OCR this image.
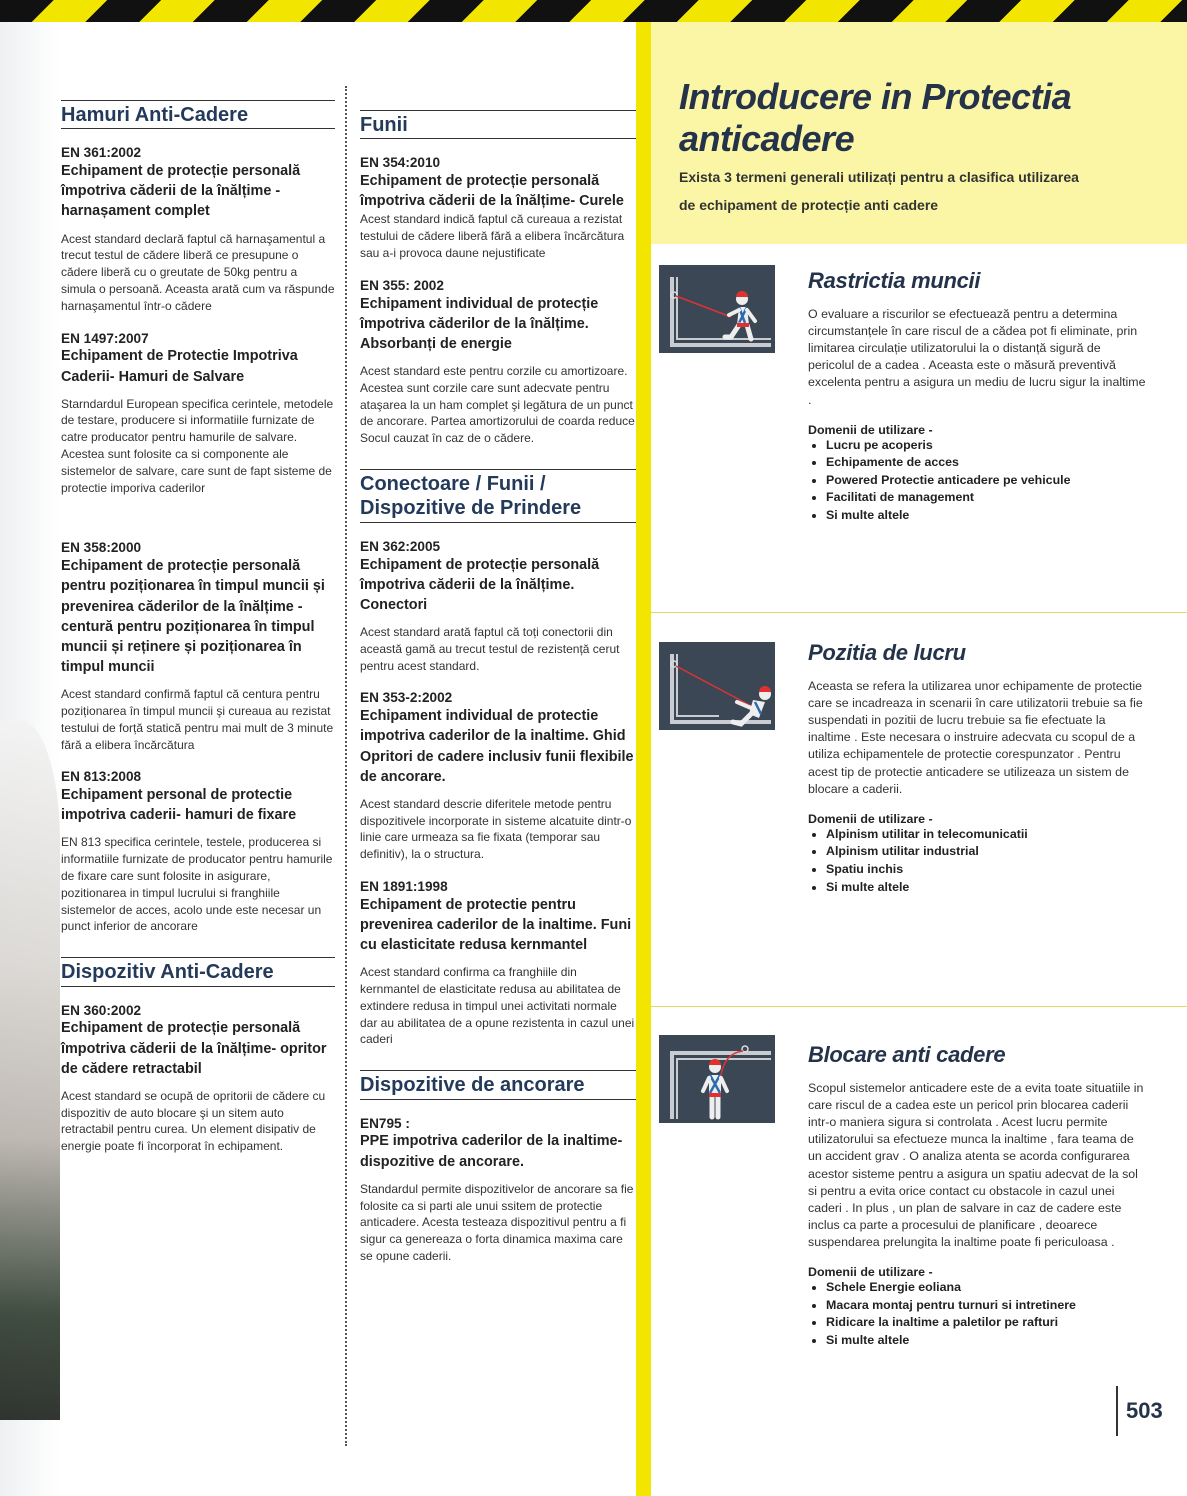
Hamuri Anti-Cadere
EN 361:2002
Echipament de protecție personală împotriva căderii de la înălțime - harnașament complet

Acest standard declară faptul că harnaşamentul a trecut testul de cădere liberă ce presupune o cădere liberă cu o greutate de 50kg pentru a simula o persoană. Aceasta arată cum va răspunde harnaşamentul într-o cădere

EN 1497:2007
Echipament de Protectie Impotriva Caderii- Hamuri de Salvare

Starndardul European specifica cerintele, metodele de testare, producere si informatiile furnizate de catre producator pentru hamurile de salvare. Acestea sunt folosite ca si componente ale sistemelor de salvare, care sunt de fapt sisteme de protectie imporiva caderilor

EN 358:2000
Echipament de protecție personală pentru poziționarea în timpul muncii și prevenirea căderilor de la înălțime - centură pentru poziționarea în timpul muncii și reținere și poziționarea în timpul muncii

Acest standard confirmă faptul că centura pentru poziționarea în timpul muncii şi cureaua au rezistat testului de forță statică pentru mai mult de 3 minute fără a elibera încărcătura

EN 813:2008
Echipament personal de protectie impotriva caderii- hamuri de fixare

EN 813 specifica cerintele, testele, producerea si informatiile furnizate de producator pentru hamurile de fixare care sunt folosite in asigurare, pozitionarea in timpul lucrului si franghiile sistemelor de acces, acolo unde este necesar un punct inferior de ancorare

Dispozitiv Anti-Cadere
EN 360:2002
Echipament de protecție personală împotriva căderii de la înălțime- opritor de cădere retractabil

Acest standard se ocupă de opritorii de cădere cu dispozitiv de auto blocare şi un sitem auto retractabil pentru curea. Un element disipativ de energie poate fi încorporat în echipament.

Funii
EN 354:2010
Echipament de protecție personală împotriva căderii de la înălțime- Curele

Acest standard indică faptul că cureaua a rezistat testului de cădere liberă fără a elibera încărcătura sau a-i provoca daune nejustificate

EN 355: 2002
Echipament individual de protecție împotriva căderilor de la înălțime. Absorbanți de energie

Acest standard este pentru corzile cu amortizoare. Acestea sunt corzile care sunt adecvate pentru ataşarea la un ham complet şi legătura de un punct de ancorare. Partea amortizorului de coarda reduce Socul cauzat în caz de o cădere.

Conectoare / Funii / Dispozitive de Prindere
EN 362:2005
Echipament de protecție personală împotriva căderii de la înălțime. Conectori

Acest standard arată faptul că toți conectorii din această gamă au trecut testul de rezistență cerut pentru acest standard.

EN 353-2:2002
Echipament individual de protectie impotriva caderilor de la inaltime. Ghid Opritori de cadere inclusiv funii flexibile de ancorare.

Acest standard descrie diferitele metode pentru dispozitivele incorporate in sisteme alcatuite dintr-o linie care urmeaza sa fie fixata (temporar sau definitiv), la o structura.

EN 1891:1998
Echipament de protectie pentru prevenirea caderilor de la inaltime. Funi cu elasticitate redusa kernmantel

Acest standard confirma ca franghiile din kernmantel de elasticitate redusa au abilitatea de extindere redusa in timpul unei activitati normale dar au abilitatea de a opune rezistenta in cazul unei caderi

Dispozitive de ancorare
EN795 :
PPE impotriva caderilor de la inaltime- dispozitive de ancorare.

Standardul permite dispozitivelor de ancorare sa fie folosite ca si parti ale unui ssitem de protectie anticadere. Acesta testeaza dispozitivul pentru a fi sigur ca genereaza o forta dinamica maxima care se opune caderii.

Introducere in Protectia anticadere

Exista 3 termeni generali utilizați pentru a clasifica utilizarea de echipament de protecție anti cadere

Rastrictia muncii

O evaluare a riscurilor se efectuează pentru a determina circumstanțele în care riscul de a cădea pot fi eliminate, prin limitarea circulație utilizatorului la o distanță sigură de pericolul de a cadea . Aceasta este o măsură preventivă excelenta pentru a asigura un mediu de lucru sigur la inaltime .

Domenii de utilizare -
• Lucru pe acoperis
• Echipamente de acces
• Powered Protectie anticadere pe vehicule
• Facilitati de management
• Si multe altele
Pozitia de lucru

Aceasta se refera la utilizarea unor echipamente de protectie care se incadreaza in scenarii în care utilizatorii trebuie sa fie suspendati in pozitii de lucru trebuie sa fie efectuate la inaltime . Este necesara o instruire adecvata cu scopul de a utiliza echipamentele de protectie corespunzator . Pentru acest tip de protectie anticadere se utilizeaza un sistem de blocare a caderii.

Domenii de utilizare -
• Alpinism utilitar in telecomunicatii
• Alpinism utilitar industrial
• Spatiu inchis
• Si multe altele
Blocare anti cadere

Scopul sistemelor anticadere este de a evita toate situatiile in care riscul de a cadea este un pericol prin blocarea caderii intr-o maniera sigura si controlata . Acest lucru permite utilizatorului sa efectueze munca la inaltime , fara teama de un accident grav . O analiza atenta se acorda configurarea acestor sisteme pentru a asigura un spatiu adecvat de la sol si pentru a evita orice contact cu obstacole in cazul unei caderi . In plus , un plan de salvare in caz de cadere este inclus ca parte a procesului de planificare , deoarece suspendarea prelungita la inaltime poate fi periculoasa .

Domenii de utilizare -
• Schele Energie eoliana
• Macara montaj pentru turnuri si intretinere
• Ridicare la inaltime a paletilor pe rafturi
• Si multe altele
503
